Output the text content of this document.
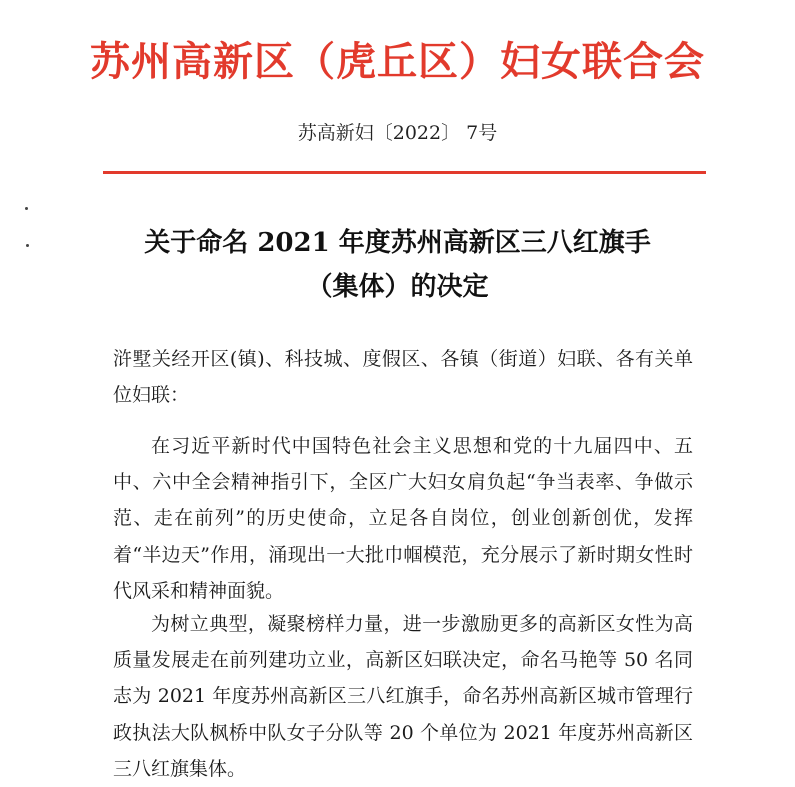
苏州高新区（虎丘区）妇女联合会
苏高新妇〔2022〕 7号
关于命名 2021 年度苏州高新区三八红旗手
（集体）的决定
浒墅关经开区(镇)、科技城、度假区、各镇（街道）妇联、各有关单位妇联：
在习近平新时代中国特色社会主义思想和党的十九届四中、五中、六中全会精神指引下，全区广大妇女肩负起“争当表率、争做示范、走在前列”的历史使命，立足各自岗位，创业创新创优，发挥着“半边天”作用，涌现出一大批巾帼模范，充分展示了新时期女性时代风采和精神面貌。
为树立典型，凝聚榜样力量，进一步激励更多的高新区女性为高质量发展走在前列建功立业，高新区妇联决定，命名马艳等 50 名同志为 2021 年度苏州高新区三八红旗手，命名苏州高新区城市管理行政执法大队枫桥中队女子分队等 20 个单位为 2021 年度苏州高新区三八红旗集体。
